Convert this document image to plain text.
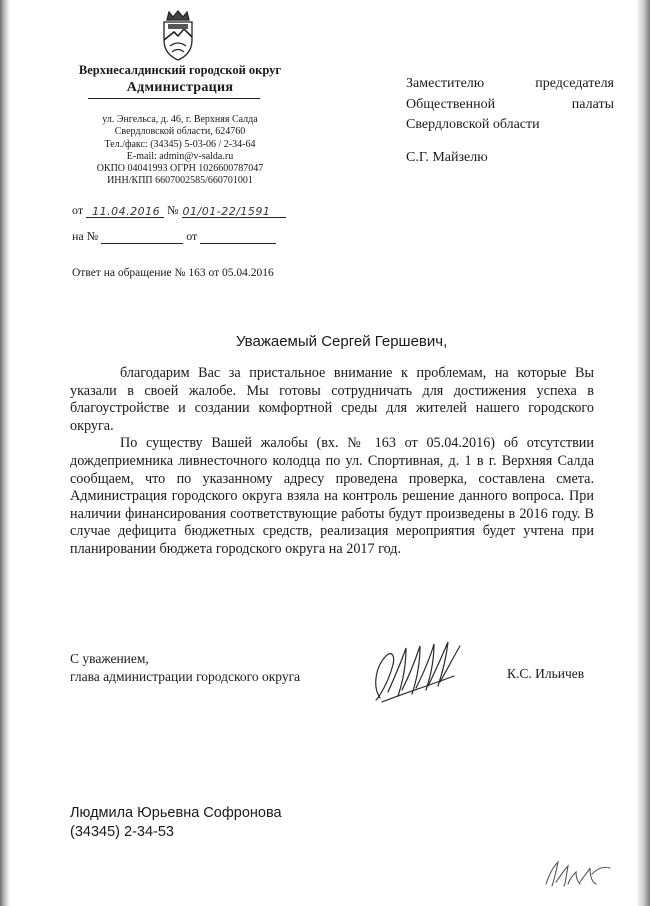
Верхнесалдинский городской округ
Администрация
ул. Энгельса, д. 46, г. Верхняя Салда
Свердловской области, 624760
Тел./факс: (34345) 5-03-06 / 2-34-64
E-mail: admin@v-salda.ru
ОКПО 04041993 ОГРН 1026600787047
ИНН/КПП 6607002585/660701001
от 11.04.2016 № 01/01-22/1591
на №	от
Ответ на обращение № 163 от 05.04.2016
Заместителю	председателя
Общественной	палаты
Свердловской области
С.Г. Майзелю
Уважаемый Сергей Гершевич,

благодарим Вас за пристальное внимание к проблемам, на которые Вы указали в своей жалобе. Мы готовы сотрудничать для достижения успеха в благоустройстве и создании комфортной среды для жителей нашего городского округа.

По существу Вашей жалобы (вх. № 163 от 05.04.2016) об отсутствии дождеприемника ливнесточного колодца по ул. Спортивная, д. 1 в г. Верхняя Салда сообщаем, что по указанному адресу проведена проверка, составлена смета. Администрация городского округа взяла на контроль решение данного вопроса. При наличии финансирования соответствующие работы будут произведены в 2016 году. В случае дефицита бюджетных средств, реализация мероприятия будет учтена при планировании бюджета городского округа на 2017 год.

С уважением,
глава администрации городского округа	К.С. Ильичев
Людмила Юрьевна Софронова
(34345) 2-34-53
